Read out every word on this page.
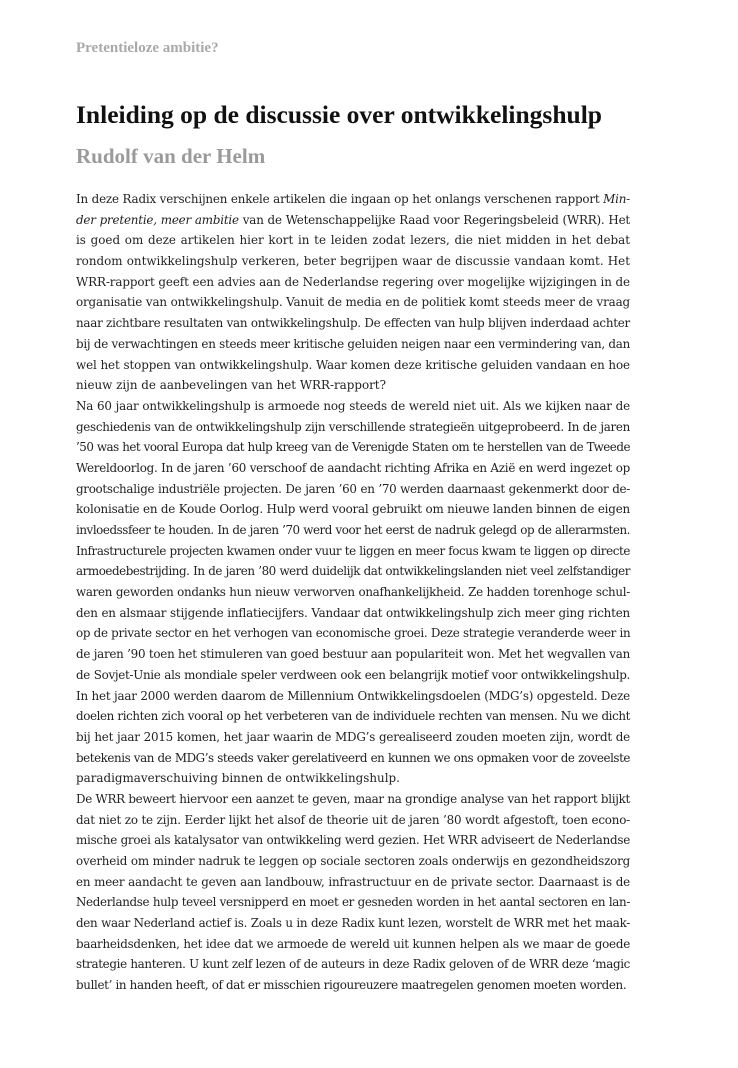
Pretentieloze ambitie?
Inleiding op de discussie over ontwikkelingshulp
Rudolf van der Helm
In deze Radix verschijnen enkele artikelen die ingaan op het onlangs verschenen rapport Min-
der pretentie, meer ambitie van de Wetenschappelijke Raad voor Regeringsbeleid (WRR). Het
is goed om deze artikelen hier kort in te leiden zodat lezers, die niet midden in het debat
rondom ontwikkelingshulp verkeren, beter begrijpen waar de discussie vandaan komt. Het
WRR-rapport geeft een advies aan de Nederlandse regering over mogelijke wijzigingen in de
organisatie van ontwikkelingshulp. Vanuit de media en de politiek komt steeds meer de vraag
naar zichtbare resultaten van ontwikkelingshulp. De effecten van hulp blijven inderdaad achter
bij de verwachtingen en steeds meer kritische geluiden neigen naar een vermindering van, dan
wel het stoppen van ontwikkelingshulp. Waar komen deze kritische geluiden vandaan en hoe
nieuw zijn de aanbevelingen van het WRR-rapport?
Na 60 jaar ontwikkelingshulp is armoede nog steeds de wereld niet uit. Als we kijken naar de
geschiedenis van de ontwikkelingshulp zijn verschillende strategieën uitgeprobeerd. In de jaren
’50 was het vooral Europa dat hulp kreeg van de Verenigde Staten om te herstellen van de Tweede
Wereldoorlog. In de jaren ’60 verschoof de aandacht richting Afrika en Azië en werd ingezet op
grootschalige industriële projecten. De jaren ’60 en ’70 werden daarnaast gekenmerkt door de-
kolonisatie en de Koude Oorlog. Hulp werd vooral gebruikt om nieuwe landen binnen de eigen
invloedssfeer te houden. In de jaren ’70 werd voor het eerst de nadruk gelegd op de allerarmsten.
Infrastructurele projecten kwamen onder vuur te liggen en meer focus kwam te liggen op directe
armoedebestrijding. In de jaren ’80 werd duidelijk dat ontwikkelingslanden niet veel zelfstandiger
waren geworden ondanks hun nieuw verworven onafhankelijkheid. Ze hadden torenhoge schul-
den en alsmaar stijgende inflatiecijfers. Vandaar dat ontwikkelingshulp zich meer ging richten
op de private sector en het verhogen van economische groei. Deze strategie veranderde weer in
de jaren ’90 toen het stimuleren van goed bestuur aan populariteit won. Met het wegvallen van
de Sovjet-Unie als mondiale speler verdween ook een belangrijk motief voor ontwikkelingshulp.
In het jaar 2000 werden daarom de Millennium Ontwikkelingsdoelen (MDG’s) opgesteld. Deze
doelen richten zich vooral op het verbeteren van de individuele rechten van mensen. Nu we dicht
bij het jaar 2015 komen, het jaar waarin de MDG’s gerealiseerd zouden moeten zijn, wordt de
betekenis van de MDG’s steeds vaker gerelativeerd en kunnen we ons opmaken voor de zoveelste
paradigmaverschuiving binnen de ontwikkelingshulp.
De WRR beweert hiervoor een aanzet te geven, maar na grondige analyse van het rapport blijkt
dat niet zo te zijn. Eerder lijkt het alsof de theorie uit de jaren ’80 wordt afgestoft, toen econo-
mische groei als katalysator van ontwikkeling werd gezien. Het WRR adviseert de Nederlandse
overheid om minder nadruk te leggen op sociale sectoren zoals onderwijs en gezondheidszorg
en meer aandacht te geven aan landbouw, infrastructuur en de private sector. Daarnaast is de
Nederlandse hulp teveel versnipperd en moet er gesneden worden in het aantal sectoren en lan-
den waar Nederland actief is. Zoals u in deze Radix kunt lezen, worstelt de WRR met het maak-
baarheidsdenken, het idee dat we armoede de wereld uit kunnen helpen als we maar de goede
strategie hanteren. U kunt zelf lezen of de auteurs in deze Radix geloven of de WRR deze ‘magic
bullet’ in handen heeft, of dat er misschien rigoureuzere maatregelen genomen moeten worden.
